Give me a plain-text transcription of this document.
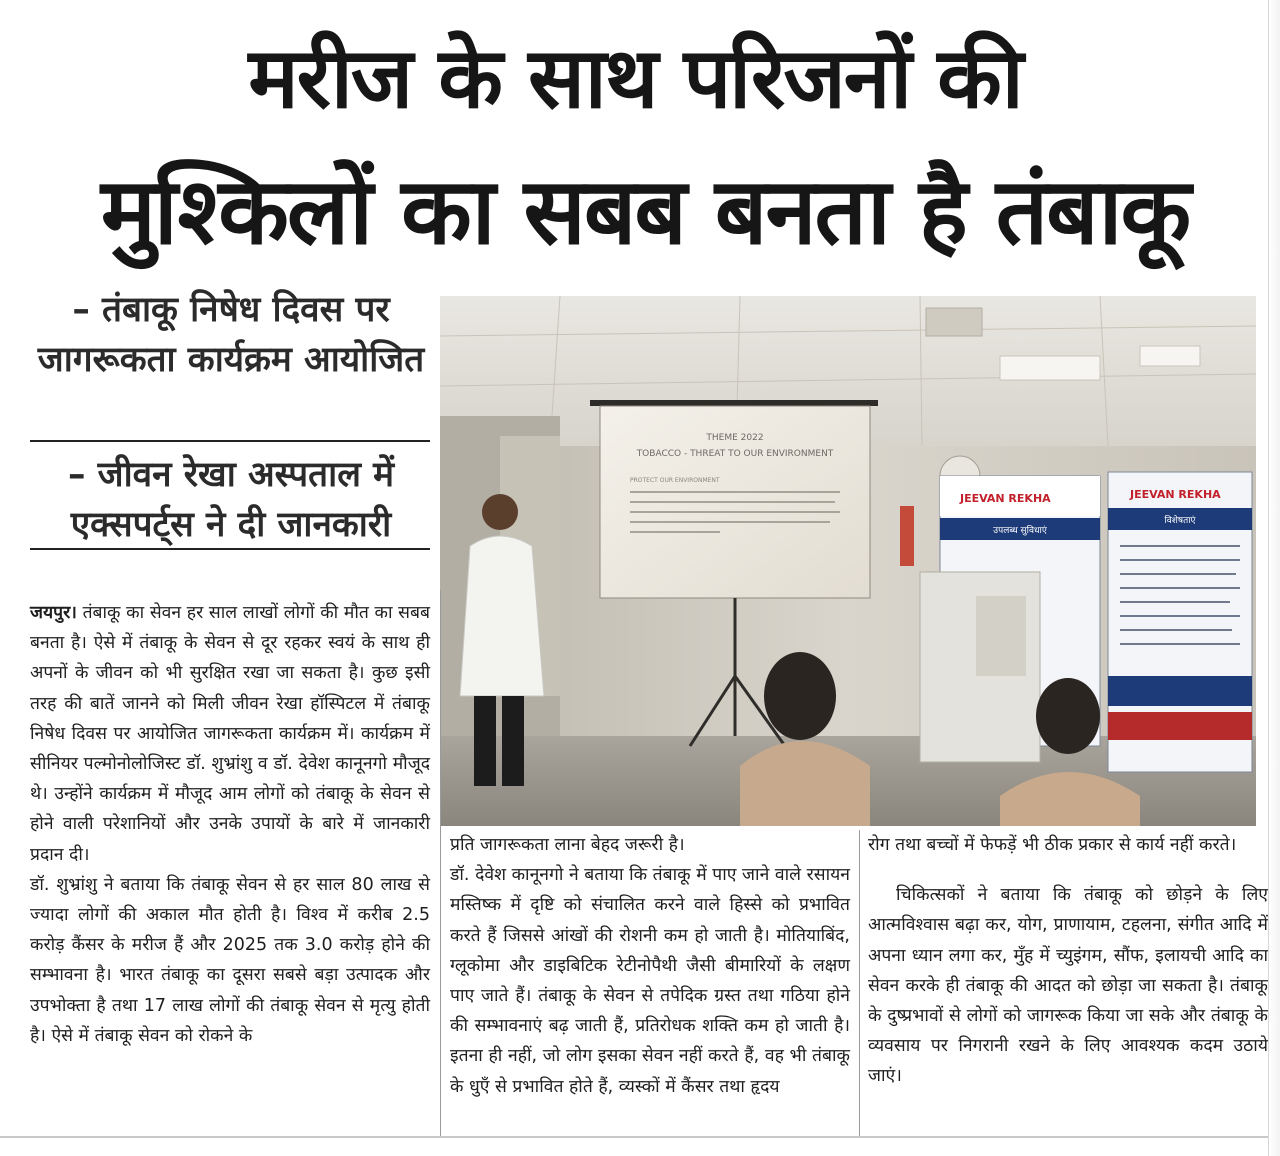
मरीज के साथ परिजनों की
मुश्किलों का सबब बनता है तंबाकू
– तंबाकू निषेध दिवस पर जागरूकता कार्यक्रम आयोजित
– जीवन रेखा अस्पताल में एक्सपर्ट्स ने दी जानकारी
THEME 2022
TOBACCO - THREAT TO OUR ENVIRONMENT
PROTECT OUR ENVIRONMENT
JEEVAN REKHA
उपलब्ध सुविधाएं
JEEVAN REKHA
विशेषताएं

जयपुर। तंबाकू का सेवन हर साल लाखों लोगों की मौत का सबब बनता है। ऐसे में तंबाकू के सेवन से दूर रहकर स्वयं के साथ ही अपनों के जीवन को भी सुरक्षित रखा जा सकता है। कुछ इसी तरह की बातें जानने को मिली जीवन रेखा हॉस्पिटल में तंबाकू निषेध दिवस पर आयोजित जागरूकता कार्यक्रम में। कार्यक्रम में सीनियर पल्मोनोलोजिस्ट डॉ. शुभ्रांशु व डॉ. देवेश कानूनगो मौजूद थे। उन्होंने कार्यक्रम में मौजूद आम लोगों को तंबाकू के सेवन से होने वाली परेशानियों और उनके उपायों के बारे में जानकारी प्रदान दी।

डॉ. शुभ्रांशु ने बताया कि तंबाकू सेवन से हर साल 80 लाख से ज्यादा लोगों की अकाल मौत होती है। विश्व में करीब 2.5 करोड़ कैंसर के मरीज हैं और 2025 तक 3.0 करोड़ होने की सम्भावना है। भारत तंबाकू का दूसरा सबसे बड़ा उत्पादक और उपभोक्ता है तथा 17 लाख लोगों की तंबाकू सेवन से मृत्यु होती है। ऐसे में तंबाकू सेवन को रोकने के

प्रति जागरूकता लाना बेहद जरूरी है।

डॉ. देवेश कानूनगो ने बताया कि तंबाकू में पाए जाने वाले रसायन मस्तिष्क में दृष्टि को संचालित करने वाले हिस्से को प्रभावित करते हैं जिससे आंखों की रोशनी कम हो जाती है। मोतियाबिंद, ग्लूकोमा और डाइबिटिक रेटीनोपैथी जैसी बीमारियों के लक्षण पाए जाते हैं। तंबाकू के सेवन से तपेदिक ग्रस्त तथा गठिया होने की सम्भावनाएं बढ़ जाती हैं, प्रतिरोधक शक्ति कम हो जाती है। इतना ही नहीं, जो लोग इसका सेवन नहीं करते हैं, वह भी तंबाकू के धुएँ से प्रभावित होते हैं, व्यस्कों में कैंसर तथा हृदय

रोग तथा बच्चों में फेफड़ें भी ठीक प्रकार से कार्य नहीं करते।

चिकित्सकों ने बताया कि तंबाकू को छोड़ने के लिए आत्मविश्वास बढ़ा कर, योग, प्राणायाम, टहलना, संगीत आदि में अपना ध्यान लगा कर, मुँह में च्युइंगम, सौंफ, इलायची आदि का सेवन करके ही तंबाकू की आदत को छोड़ा जा सकता है। तंबाकू के दुष्प्रभावों से लोगों को जागरूक किया जा सके और तंबाकू के व्यवसाय पर निगरानी रखने के लिए आवश्यक कदम उठाये जाएं।
